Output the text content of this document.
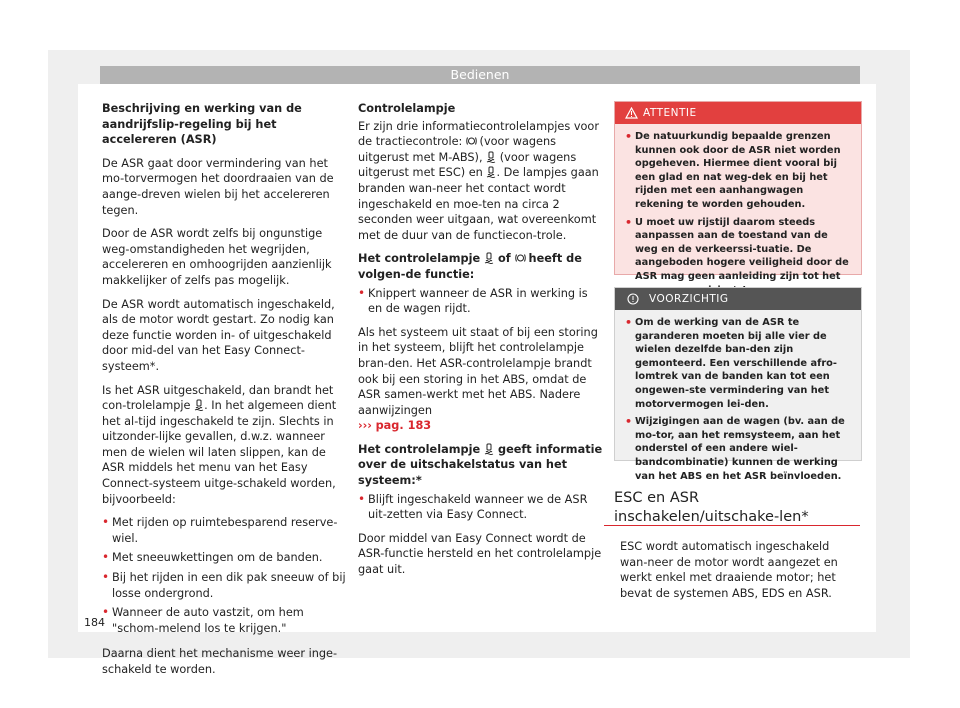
Bedienen

Beschrijving en werking van de aandrijfslip-regeling bij het accelereren (ASR)

De ASR gaat door vermindering van het mo-torvermogen het doordraaien van de aange-dreven wielen bij het accelereren tegen.

Door de ASR wordt zelfs bij ongunstige weg-omstandigheden het wegrijden, accelereren en omhoogrijden aanzienlijk makkelijker of zelfs pas mogelijk.

De ASR wordt automatisch ingeschakeld, als de motor wordt gestart. Zo nodig kan deze functie worden in- of uitgeschakeld door mid-del van het Easy Connect-systeem*.

Is het ASR uitgeschakeld, dan brandt het con-trolelampje . In het algemeen dient het al-tijd ingeschakeld te zijn. Slechts in uitzonder-lijke gevallen, d.w.z. wanneer men de wielen wil laten slippen, kan de ASR middels het menu van het Easy Connect-systeem uitge-schakeld worden, bijvoorbeeld:

• Met rijden op ruimtebesparend reserve-wiel.
• Met sneeuwkettingen om de banden.
• Bij het rijden in een dik pak sneeuw of bij losse ondergrond.
• Wanneer de auto vastzit, om hem "schom-melend los te krijgen."

Daarna dient het mechanisme weer inge-schakeld te worden.

Controlelampje

Er zijn drie informatiecontrolelampjes voor de tractiecontrole: (voor wagens uitgerust met M-ABS), (voor wagens uitgerust met ESC) en . De lampjes gaan branden wan-neer het contact wordt ingeschakeld en moe-ten na circa 2 seconden weer uitgaan, wat overeenkomt met de duur van de functiecon-trole.

Het controlelampje of heeft de volgen-de functie:

• Knippert wanneer de ASR in werking is en de wagen rijdt.

Als het systeem uit staat of bij een storing in het systeem, blijft het controlelampje bran-den. Het ASR-controlelampje brandt ook bij een storing in het ABS, omdat de ASR samen-werkt met het ABS. Nadere aanwijzingen
››› pag. 183

Het controlelampje geeft informatie over de uitschakelstatus van het systeem:*

• Blijft ingeschakeld wanneer we de ASR uit-zetten via Easy Connect.

Door middel van Easy Connect wordt de ASR-functie hersteld en het controlelampje gaat uit.

ATTENTIE
• De natuurkundig bepaalde grenzen kunnen ook door de ASR niet worden opgeheven. Hiermee dient vooral bij een glad en nat weg-dek en bij het rijden met een aanhangwagen rekening te worden gehouden.
• U moet uw rijstijl daarom steeds aanpassen aan de toestand van de weg en de verkeerssi-tuatie. De aangeboden hogere veiligheid door de ASR mag geen aanleiding zijn tot het
VOORZICHTIG
• Om de werking van de ASR te garanderen moeten bij alle vier de wielen dezelfde ban-den zijn gemonteerd. Een verschillende afro-lomtrek van de banden kan tot een ongewen-ste vermindering van het motorvermogen lei-den.
• Wijzigingen aan de wagen (bv. aan de mo-tor, aan het remsysteem, aan het onderstel of een andere wiel-bandcombinatie) kunnen de werking van het ABS en het ASR beïnvloeden.
ESC en ASR inschakelen/uitschake-len*
ESC wordt automatisch ingeschakeld wan-neer de motor wordt aangezet en werkt enkel met draaiende motor; het bevat de systemen ABS, EDS en ASR.
184
